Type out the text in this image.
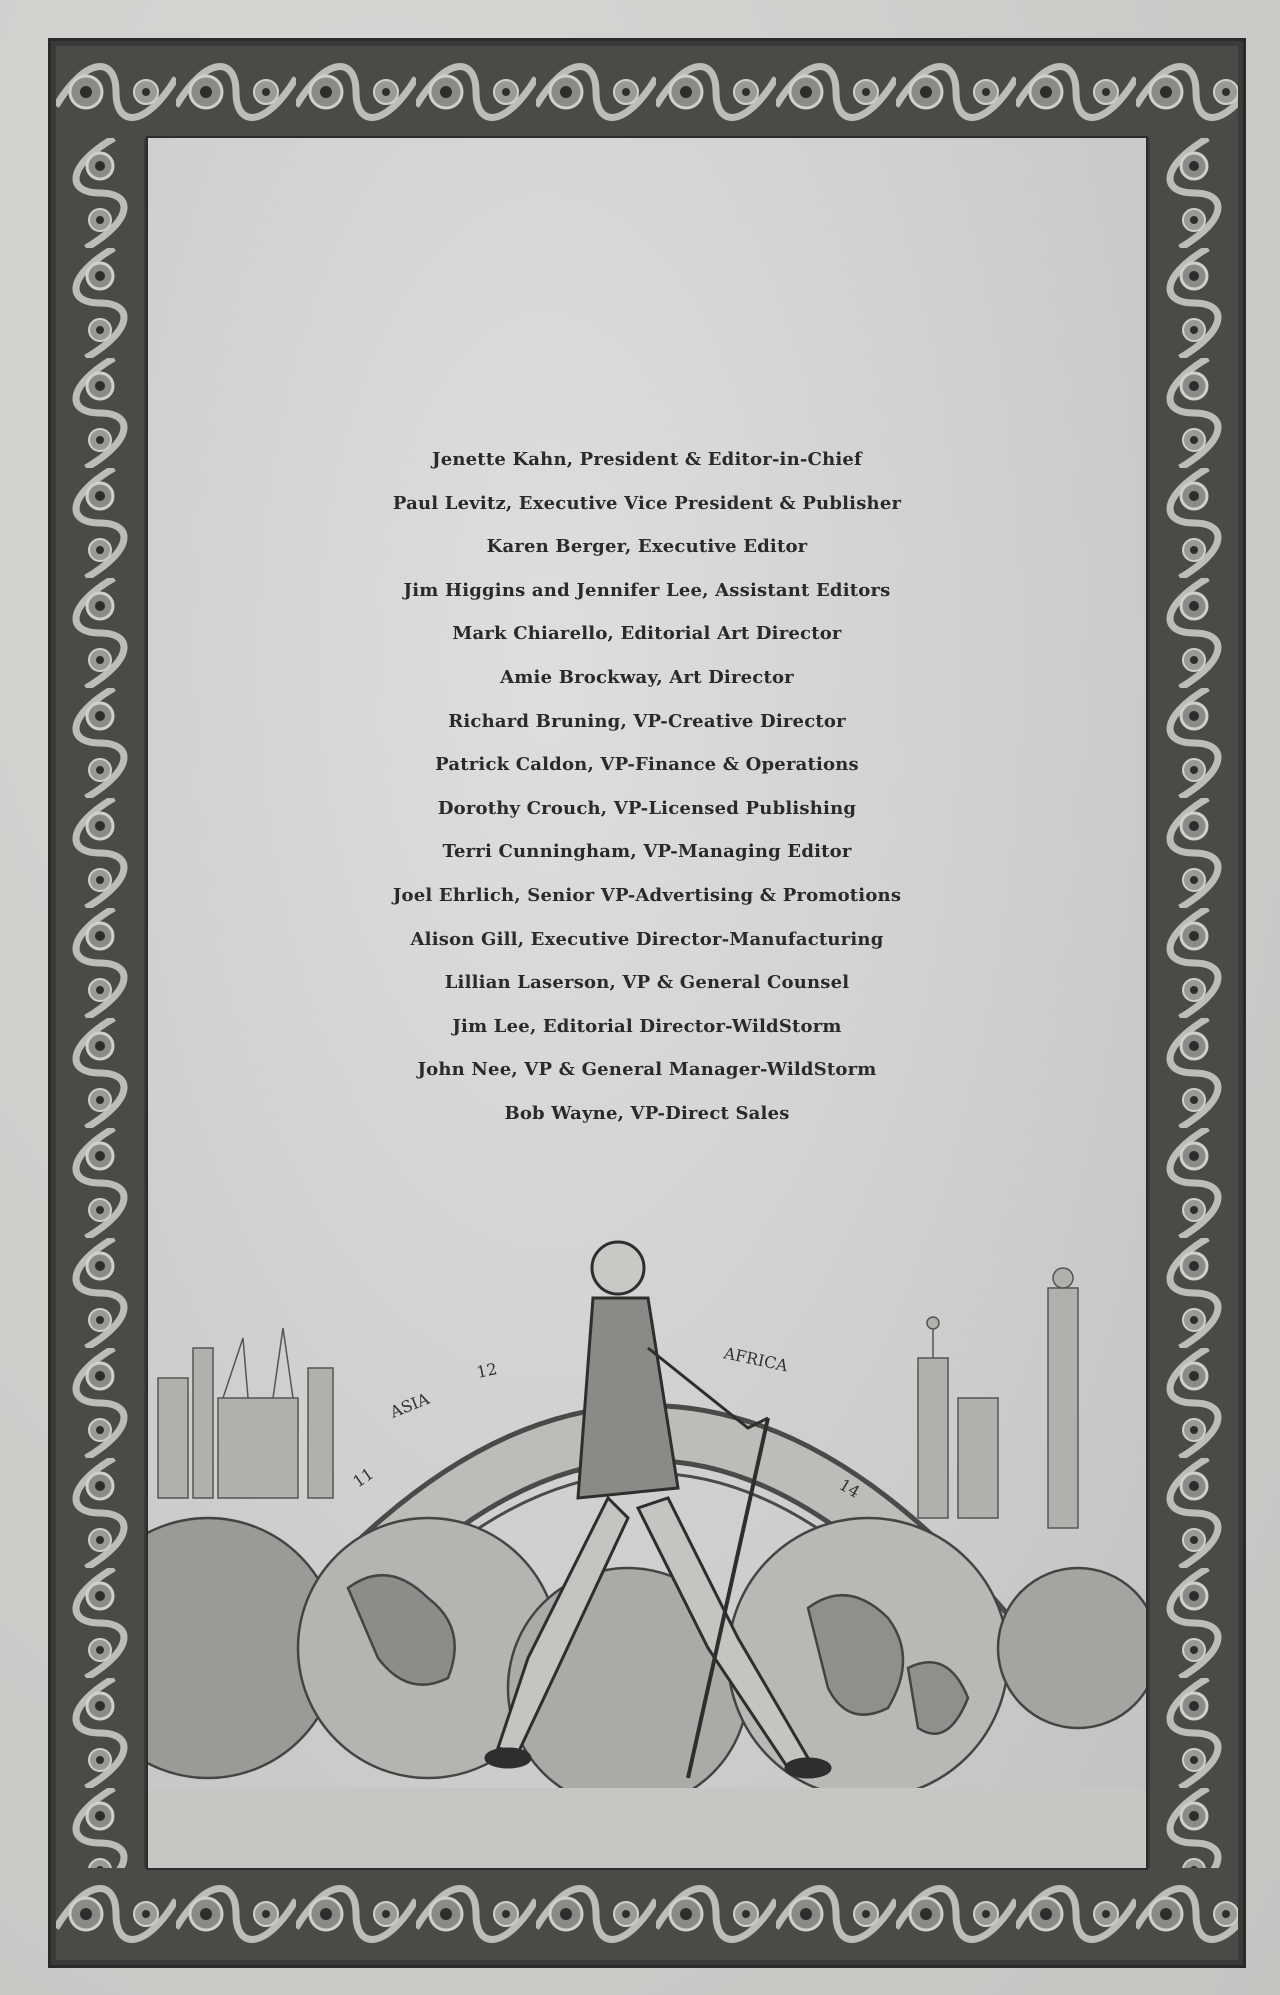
Jenette Kahn, President & Editor-in-Chief
Paul Levitz, Executive Vice President & Publisher
Karen Berger, Executive Editor
Jim Higgins and Jennifer Lee, Assistant Editors
Mark Chiarello, Editorial Art Director
Amie Brockway, Art Director
Richard Bruning, VP-Creative Director
Patrick Caldon, VP-Finance & Operations
Dorothy Crouch, VP-Licensed Publishing
Terri Cunningham, VP-Managing Editor
Joel Ehrlich, Senior VP-Advertising & Promotions
Alison Gill, Executive Director-Manufacturing
Lillian Laserson, VP & General Counsel
Jim Lee, Editorial Director-WildStorm
John Nee, VP & General Manager-WildStorm
Bob Wayne, VP-Direct Sales
ASIA
12	AFRICA
11	14
